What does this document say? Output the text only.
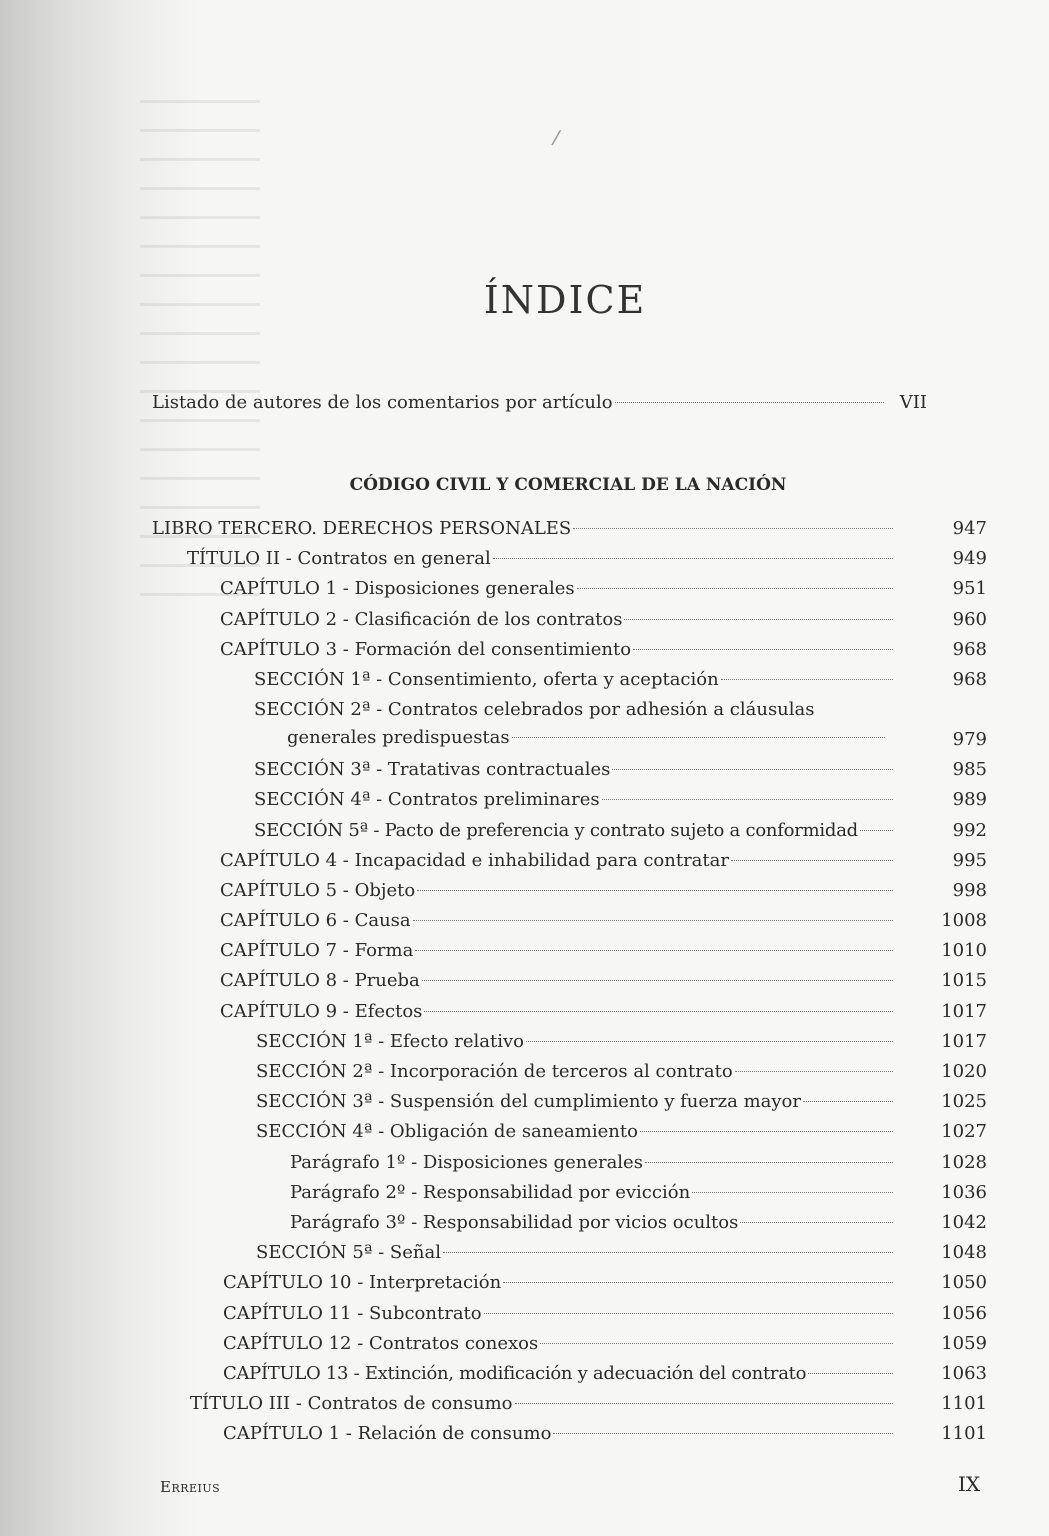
/
ÍNDICE
Listado de autores de los comentarios por artículo	VII
CÓDIGO CIVIL Y COMERCIAL DE LA NACIÓN
LIBRO TERCERO. DERECHOS PERSONALES	947
TÍTULO II - Contratos en general	949
CAPÍTULO 1 - Disposiciones generales	951
CAPÍTULO 2 - Clasificación de los contratos	960
CAPÍTULO 3 - Formación del consentimiento	968
SECCIÓN 1ª - Consentimiento, oferta y aceptación	968
SECCIÓN 2ª - Contratos celebrados por adhesión a cláusulas
generales predispuestas	979
SECCIÓN 3ª - Tratativas contractuales	985
SECCIÓN 4ª - Contratos preliminares	989
SECCIÓN 5ª - Pacto de preferencia y contrato sujeto a conformidad	992
CAPÍTULO 4 - Incapacidad e inhabilidad para contratar	995
CAPÍTULO 5 - Objeto	998
CAPÍTULO 6 - Causa	1008
CAPÍTULO 7 - Forma	1010
CAPÍTULO 8 - Prueba	1015
CAPÍTULO 9 - Efectos	1017
SECCIÓN 1ª - Efecto relativo	1017
SECCIÓN 2ª - Incorporación de terceros al contrato	1020
SECCIÓN 3ª - Suspensión del cumplimiento y fuerza mayor	1025
SECCIÓN 4ª - Obligación de saneamiento	1027
Parágrafo 1º - Disposiciones generales	1028
Parágrafo 2º - Responsabilidad por evicción	1036
Parágrafo 3º - Responsabilidad por vicios ocultos	1042
SECCIÓN 5ª - Señal	1048
CAPÍTULO 10 - Interpretación	1050
CAPÍTULO 11 - Subcontrato	1056
CAPÍTULO 12 - Contratos conexos	1059
CAPÍTULO 13 - Extinción, modificación y adecuación del contrato	1063
TÍTULO III - Contratos de consumo	1101
CAPÍTULO 1 - Relación de consumo	1101
Erreius	IX
